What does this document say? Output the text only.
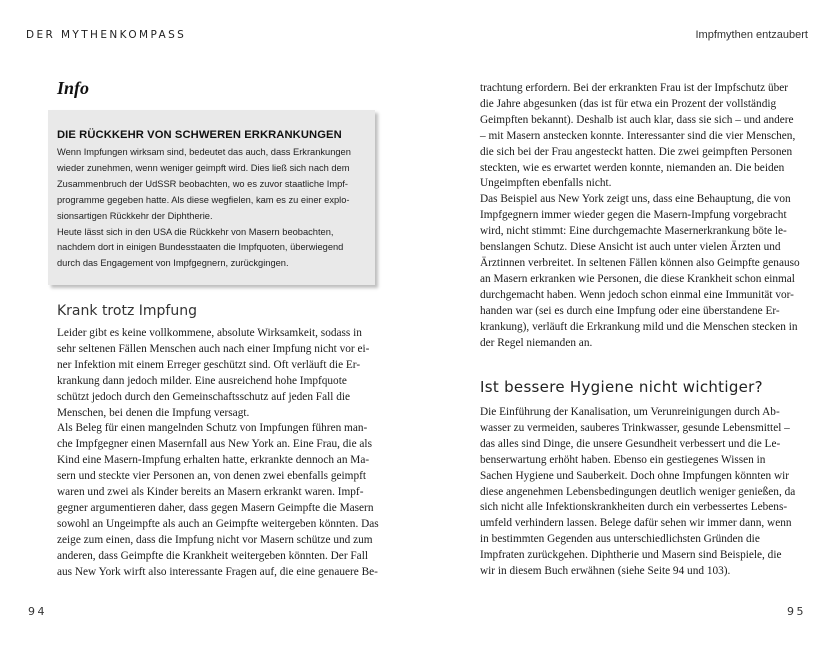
DER MYTHENKOMPASS	Impfmythen entzaubert
Info
DIE RÜCKKEHR VON SCHWEREN ERKRANKUNGEN
Wenn Impfungen wirksam sind, bedeutet das auch, dass Erkrankungen
wieder zunehmen, wenn weniger geimpft wird. Dies ließ sich nach dem
Zusammenbruch der UdSSR beobachten, wo es zuvor staatliche Impf-
programme gegeben hatte. Als diese wegfielen, kam es zu einer explo-
sionsartigen Rückkehr der Diphtherie.
Heute lässt sich in den USA die Rückkehr von Masern beobachten,
nachdem dort in einigen Bundesstaaten die Impfquoten, überwiegend
durch das Engagement von Impfgegnern, zurückgingen.
Krank trotz Impfung
Leider gibt es keine vollkommene, absolute Wirksamkeit, sodass in
sehr seltenen Fällen Menschen auch nach einer Impfung nicht vor ei-
ner Infektion mit einem Erreger geschützt sind. Oft verläuft die Er-
krankung dann jedoch milder. Eine ausreichend hohe Impfquote
schützt jedoch durch den Gemeinschaftsschutz auf jeden Fall die
Menschen, bei denen die Impfung versagt.
Als Beleg für einen mangelnden Schutz von Impfungen führen man-
che Impfgegner einen Masernfall aus New York an. Eine Frau, die als
Kind eine Masern-Impfung erhalten hatte, erkrankte dennoch an Ma-
sern und steckte vier Personen an, von denen zwei ebenfalls geimpft
waren und zwei als Kinder bereits an Masern erkrankt waren. Impf-
gegner argumentieren daher, dass gegen Masern Geimpfte die Masern
sowohl an Ungeimpfte als auch an Geimpfte weitergeben könnten. Das
zeige zum einen, dass die Impfung nicht vor Masern schütze und zum
anderen, dass Geimpfte die Krankheit weitergeben könnten. Der Fall
aus New York wirft also interessante Fragen auf, die eine genauere Be-
trachtung erfordern. Bei der erkrankten Frau ist der Impfschutz über
die Jahre abgesunken (das ist für etwa ein Prozent der vollständig
Geimpften bekannt). Deshalb ist auch klar, dass sie sich – und andere
– mit Masern anstecken konnte. Interessanter sind die vier Menschen,
die sich bei der Frau angesteckt hatten. Die zwei geimpften Personen
steckten, wie es erwartet werden konnte, niemanden an. Die beiden
Ungeimpften ebenfalls nicht.
Das Beispiel aus New York zeigt uns, dass eine Behauptung, die von
Impfgegnern immer wieder gegen die Masern-Impfung vorgebracht
wird, nicht stimmt: Eine durchgemachte Masernerkrankung böte le-
benslangen Schutz. Diese Ansicht ist auch unter vielen Ärzten und
Ärztinnen verbreitet. In seltenen Fällen können also Geimpfte genauso
an Masern erkranken wie Personen, die diese Krankheit schon einmal
durchgemacht haben. Wenn jedoch schon einmal eine Immunität vor-
handen war (sei es durch eine Impfung oder eine überstandene Er-
krankung), verläuft die Erkrankung mild und die Menschen stecken in
der Regel niemanden an.
Ist bessere Hygiene nicht wichtiger?
Die Einführung der Kanalisation, um Verunreinigungen durch Ab-
wasser zu vermeiden, sauberes Trinkwasser, gesunde Lebensmittel –
das alles sind Dinge, die unsere Gesundheit verbessert und die Le-
benserwartung erhöht haben. Ebenso ein gestiegenes Wissen in
Sachen Hygiene und Sauberkeit. Doch ohne Impfungen könnten wir
diese angenehmen Lebensbedingungen deutlich weniger genießen, da
sich nicht alle Infektionskrankheiten durch ein verbessertes Lebens-
umfeld verhindern lassen. Belege dafür sehen wir immer dann, wenn
in bestimmten Gegenden aus unterschiedlichsten Gründen die
Impfraten zurückgehen. Diphtherie und Masern sind Beispiele, die
wir in diesem Buch erwähnen (siehe Seite 94 und 103).
94	95
